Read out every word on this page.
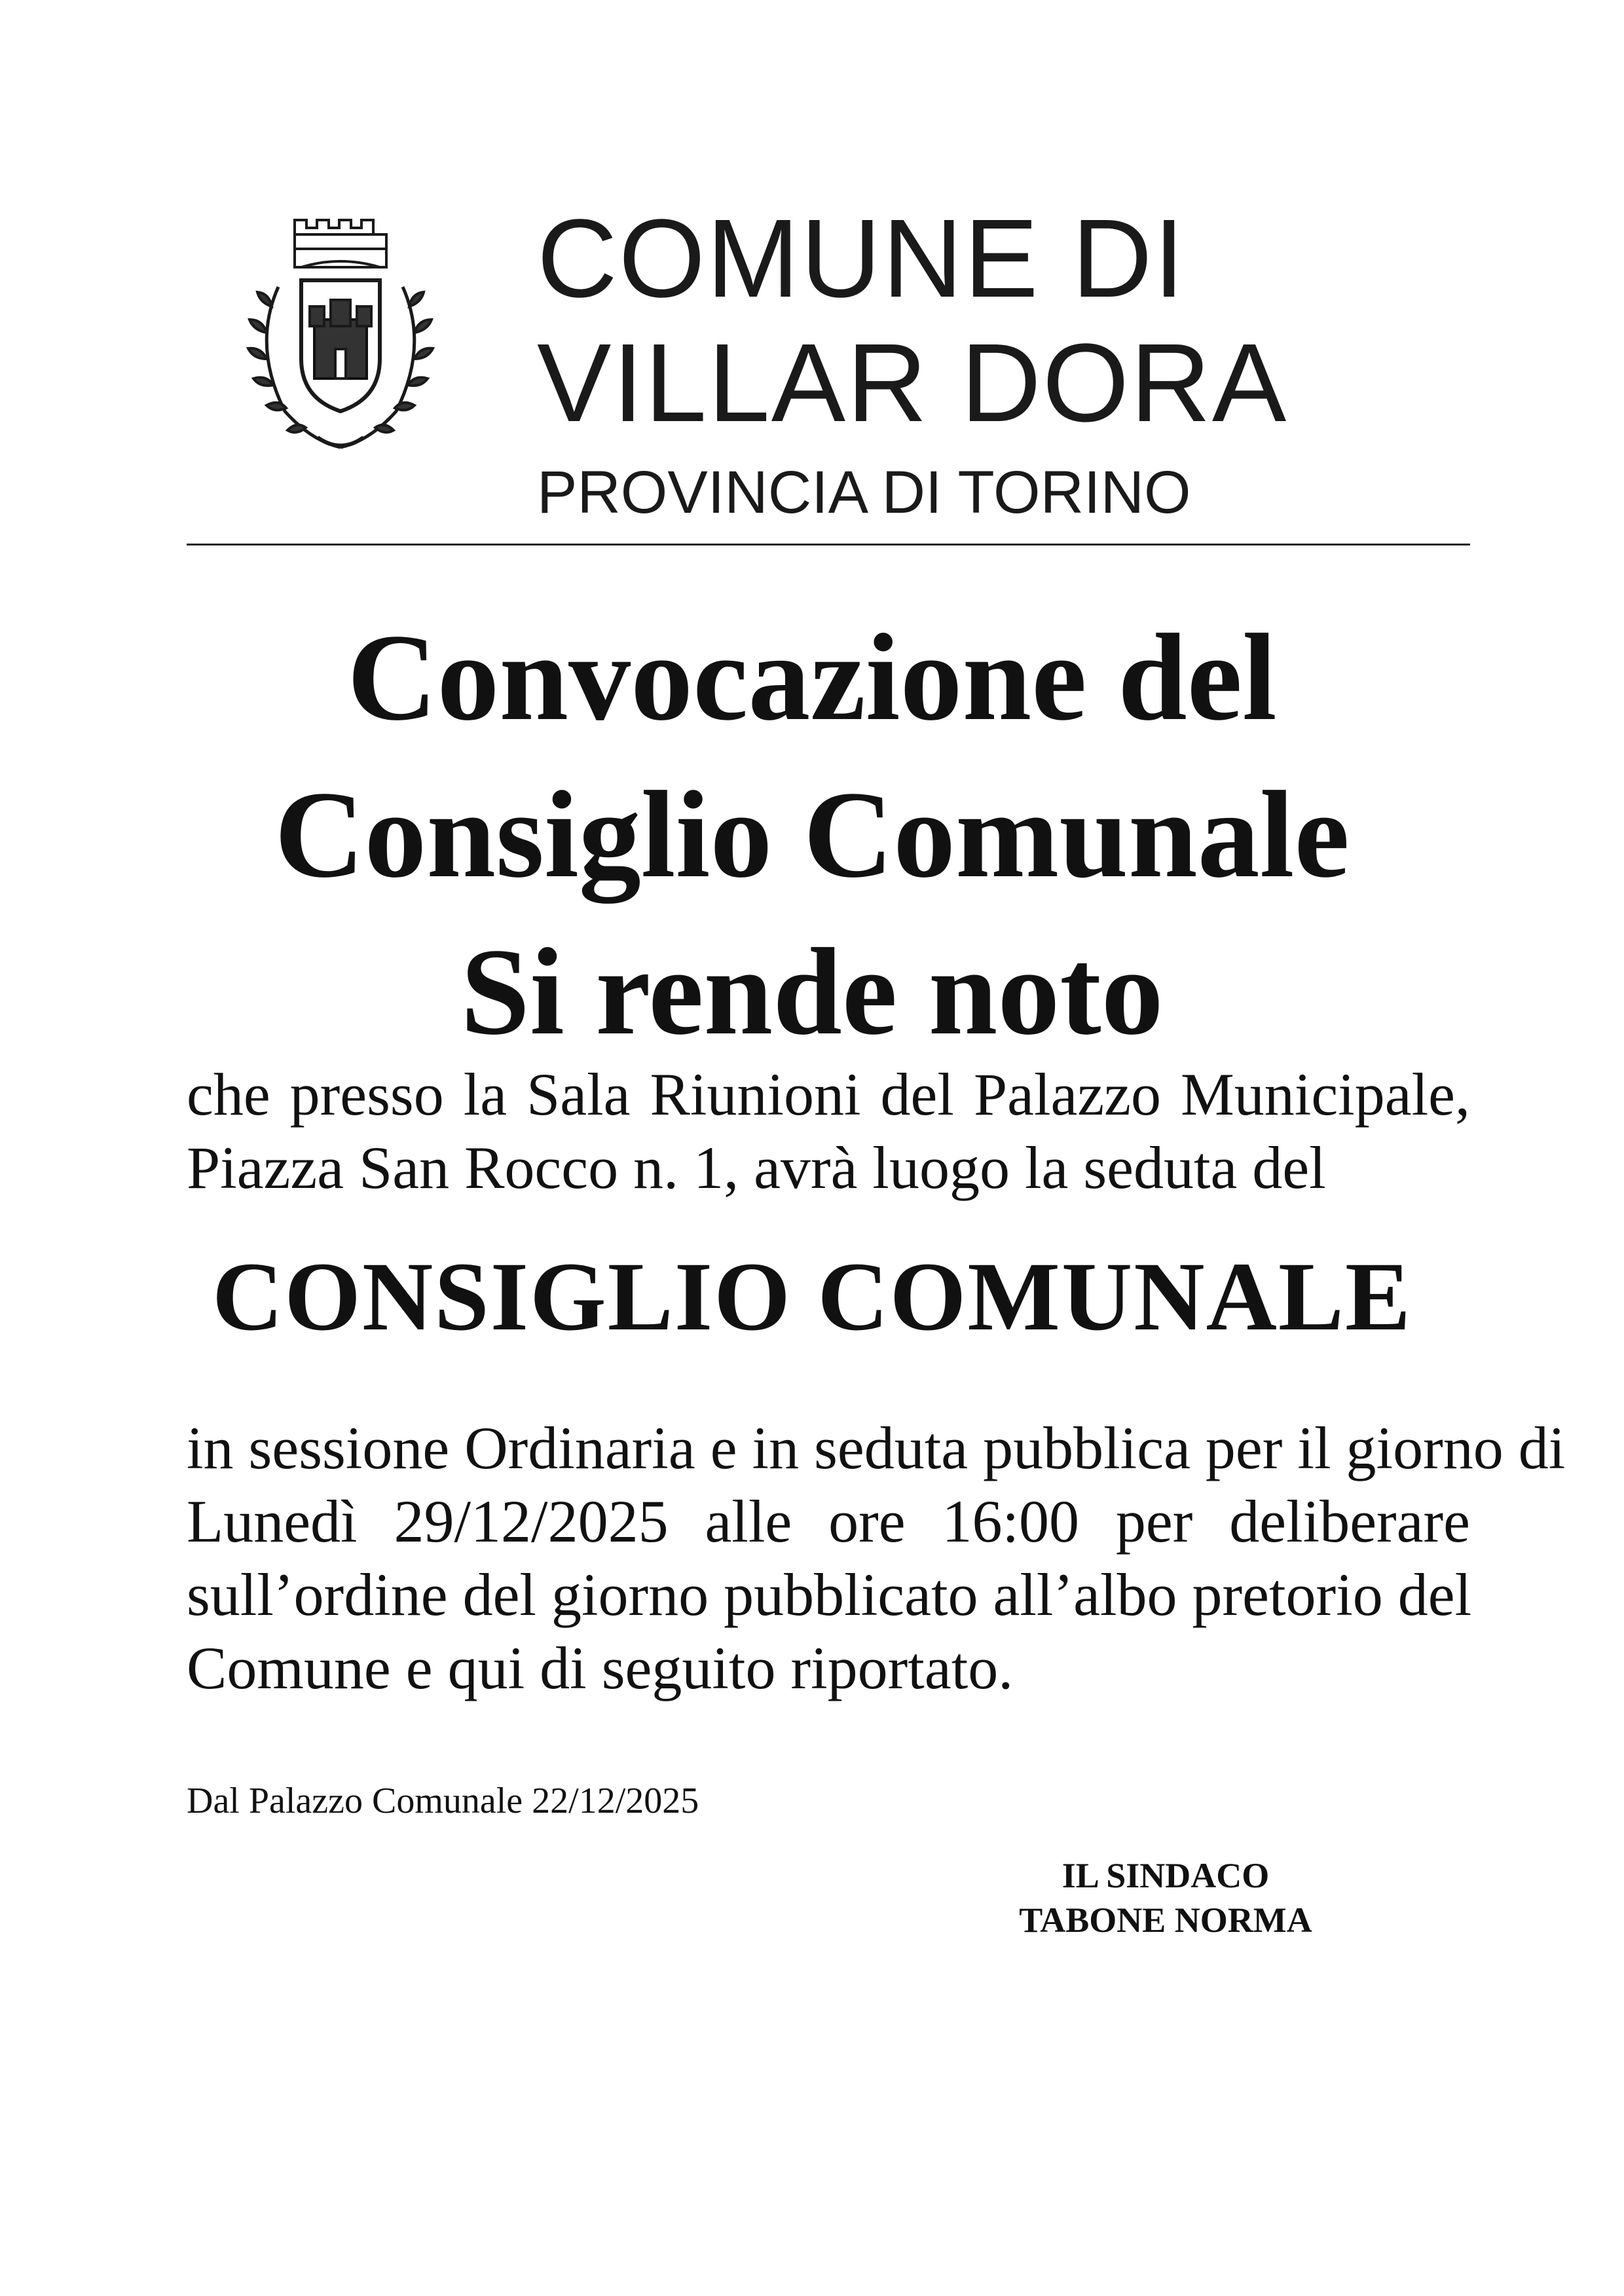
COMUNE DI
VILLAR DORA
PROVINCIA DI TORINO
Convocazione del
Consiglio Comunale
Si rende noto
che presso la Sala Riunioni del Palazzo Municipale,
Piazza San Rocco n. 1, avrà luogo la seduta del
CONSIGLIO COMUNALE
in sessione Ordinaria e in seduta pubblica per il giorno di
Lunedì 29/12/2025 alle ore 16:00 per deliberare
sull’ordine del giorno pubblicato all’albo pretorio del
Comune e qui di seguito riportato.
Dal Palazzo Comunale 22/12/2025
IL SINDACO
TABONE NORMA
